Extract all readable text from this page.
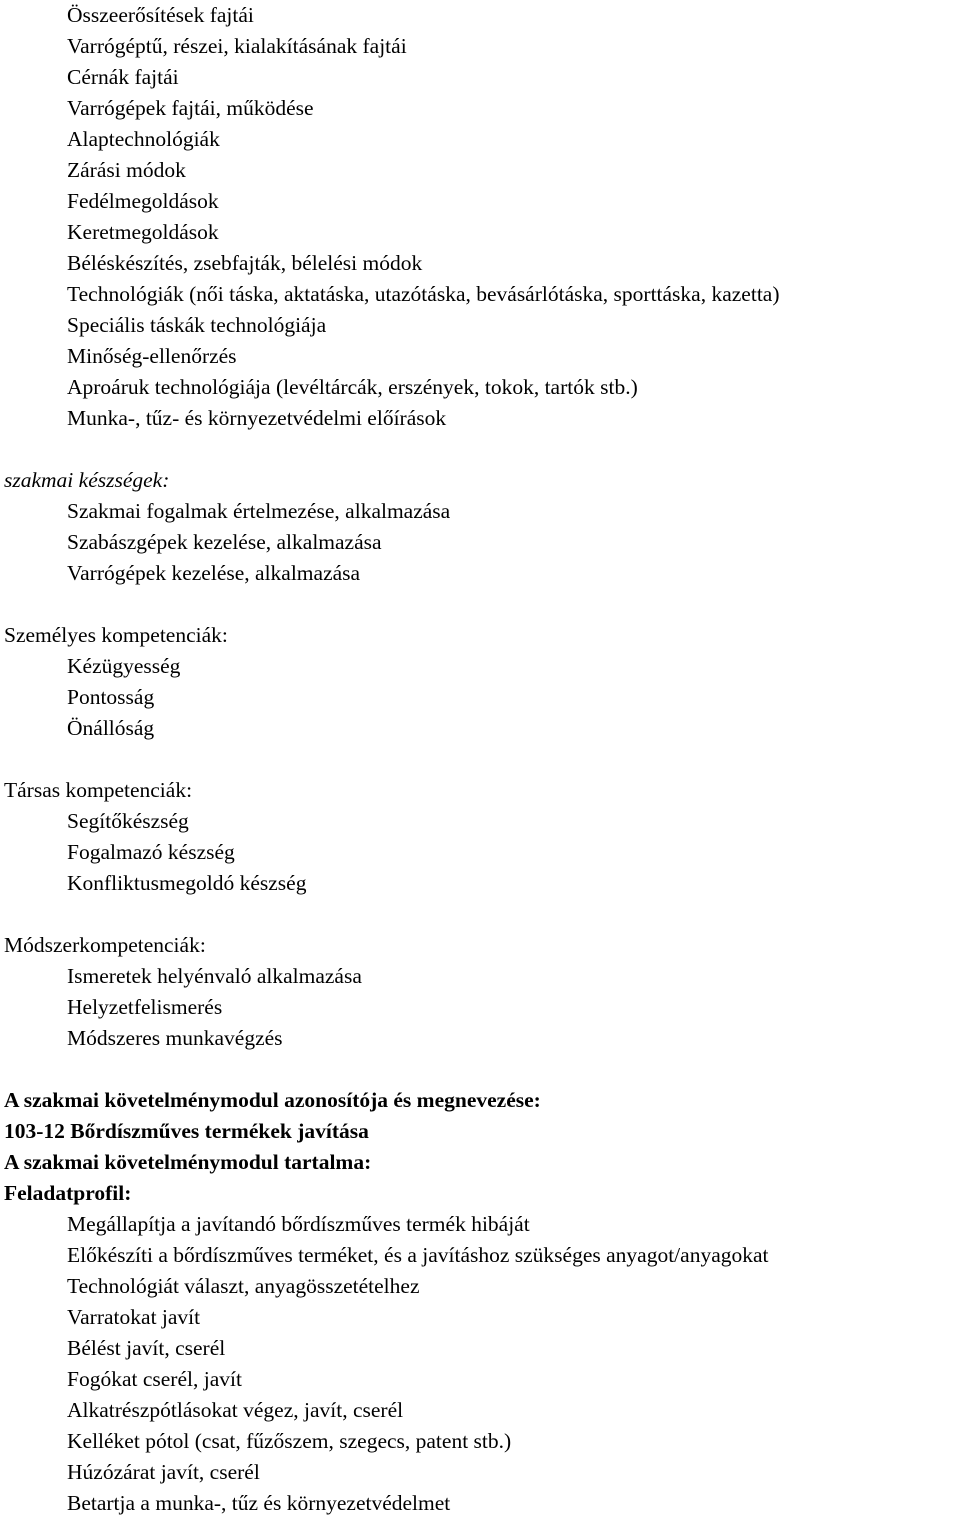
Összeerősítések fajtái
Varrógéptű, részei, kialakításának fajtái
Cérnák fajtái
Varrógépek fajtái, működése
Alaptechnológiák
Zárási módok
Fedélmegoldások
Keretmegoldások
Béléskészítés, zsebfajták, bélelési módok
Technológiák (női táska, aktatáska, utazótáska, bevásárlótáska, sporttáska, kazetta)
Speciális táskák technológiája
Minőség-ellenőrzés
Aproáruk technológiája (levéltárcák, erszények, tokok, tartók stb.)
Munka-, tűz- és környezetvédelmi előírások
szakmai készségek:
Szakmai fogalmak értelmezése, alkalmazása
Szabászgépek kezelése, alkalmazása
Varrógépek kezelése, alkalmazása
Személyes kompetenciák:
Kézügyesség
Pontosság
Önállóság
Társas kompetenciák:
Segítőkészség
Fogalmazó készség
Konfliktusmegoldó készség
Módszerkompetenciák:
Ismeretek helyénvaló alkalmazása
Helyzetfelismerés
Módszeres munkavégzés
A szakmai követelménymodul azonosítója és megnevezése:
103-12 Bőrdíszműves termékek javítása
A szakmai követelménymodul tartalma:
Feladatprofil:
Megállapítja a javítandó bőrdíszműves termék hibáját
Előkészíti a bőrdíszműves terméket, és a javításhoz szükséges anyagot/anyagokat
Technológiát választ, anyagösszetételhez
Varratokat javít
Bélést javít, cserél
Fogókat cserél, javít
Alkatrészpótlásokat végez, javít, cserél
Kelléket pótol (csat, fűzőszem, szegecs, patent stb.)
Húzózárat javít, cserél
Betartja a munka-, tűz és környezetvédelmet
